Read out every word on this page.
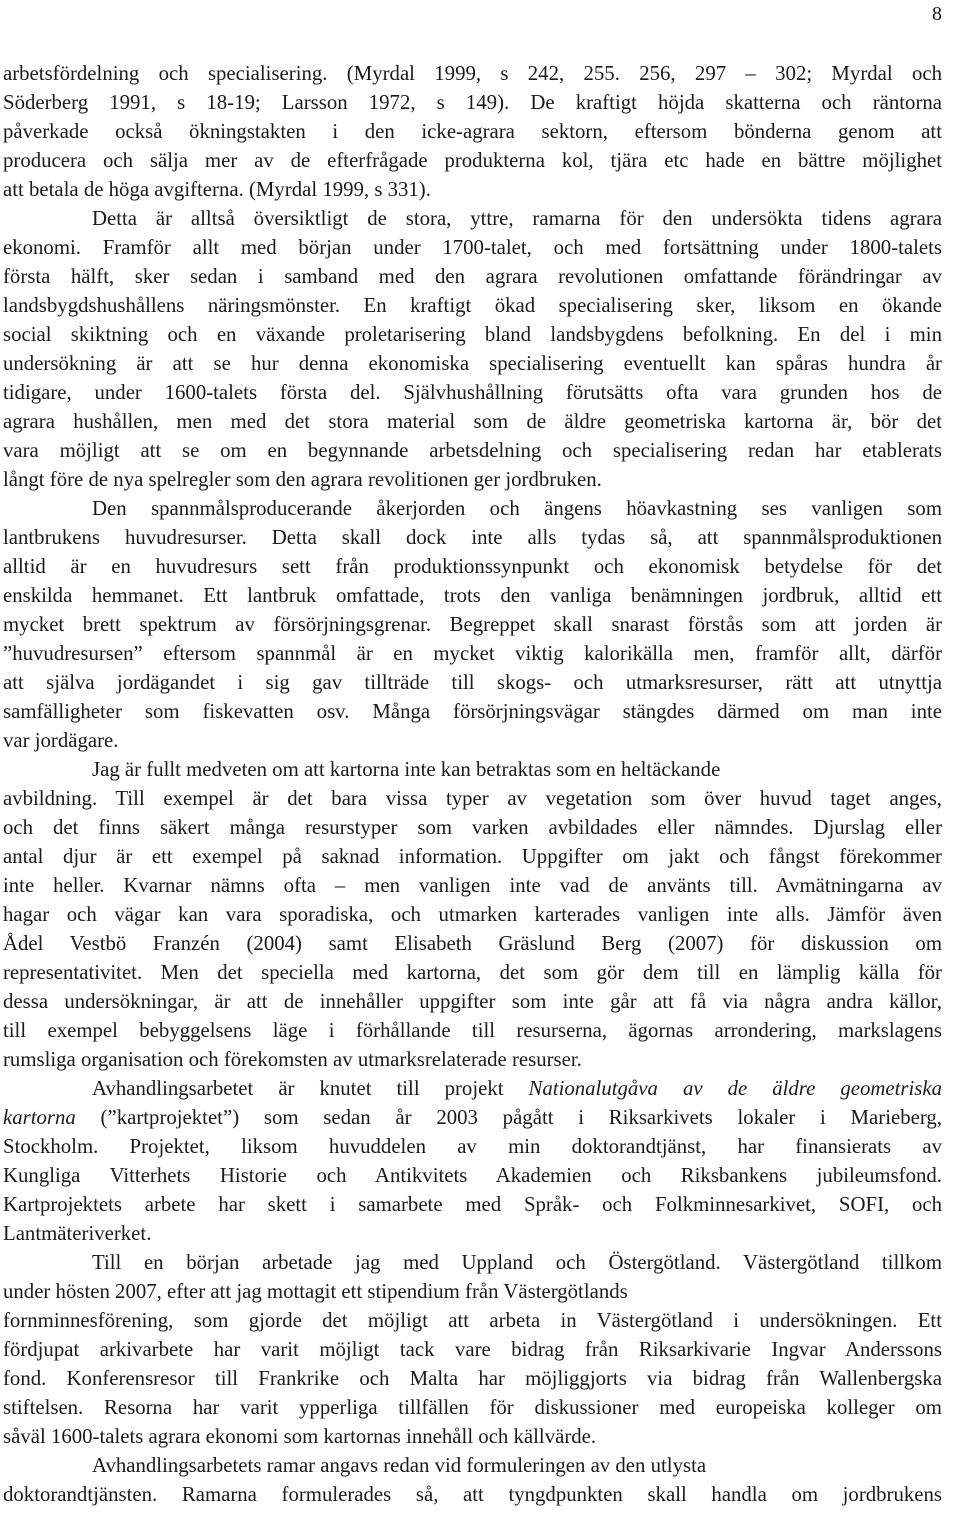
8
arbetsfördelning och specialisering. (Myrdal 1999, s 242, 255. 256, 297 – 302; Myrdal och
Söderberg 1991, s 18-19; Larsson 1972, s 149). De kraftigt höjda skatterna och räntorna
påverkade också ökningstakten i den icke-agrara sektorn, eftersom bönderna genom att
producera och sälja mer av de efterfrågade produkterna kol, tjära etc hade en bättre möjlighet
att betala de höga avgifterna. (Myrdal 1999, s 331).
Detta är alltså översiktligt de stora, yttre, ramarna för den undersökta tidens agrara
ekonomi. Framför allt med början under 1700-talet, och med fortsättning under 1800-talets
första hälft, sker sedan i samband med den agrara revolutionen omfattande förändringar av
landsbygdshushållens näringsmönster. En kraftigt ökad specialisering sker, liksom en ökande
social skiktning och en växande proletarisering bland landsbygdens befolkning. En del i min
undersökning är att se hur denna ekonomiska specialisering eventuellt kan spåras hundra år
tidigare, under 1600-talets första del. Självhushållning förutsätts ofta vara grunden hos de
agrara hushållen, men med det stora material som de äldre geometriska kartorna är, bör det
vara möjligt att se om en begynnande arbetsdelning och specialisering redan har etablerats
långt före de nya spelregler som den agrara revolitionen ger jordbruken.
Den spannmålsproducerande åkerjorden och ängens höavkastning ses vanligen som
lantbrukens huvudresurser. Detta skall dock inte alls tydas så, att spannmålsproduktionen
alltid är en huvudresurs sett från produktionssynpunkt och ekonomisk betydelse för det
enskilda hemmanet. Ett lantbruk omfattade, trots den vanliga benämningen jordbruk, alltid ett
mycket brett spektrum av försörjningsgrenar. Begreppet skall snarast förstås som att jorden är
”huvudresursen” eftersom spannmål är en mycket viktig kalorikälla men, framför allt, därför
att själva jordägandet i sig gav tillträde till skogs- och utmarksresurser, rätt att utnyttja
samfälligheter som fiskevatten osv. Många försörjningsvägar stängdes därmed om man inte
var jordägare.
Jag är fullt medveten om att kartorna inte kan betraktas som en heltäckande
avbildning. Till exempel är det bara vissa typer av vegetation som över huvud taget anges,
och det finns säkert många resurstyper som varken avbildades eller nämndes. Djurslag eller
antal djur är ett exempel på saknad information. Uppgifter om jakt och fångst förekommer
inte heller. Kvarnar nämns ofta – men vanligen inte vad de använts till. Avmätningarna av
hagar och vägar kan vara sporadiska, och utmarken karterades vanligen inte alls. Jämför även
Ådel Vestbö Franzén (2004) samt Elisabeth Gräslund Berg (2007) för diskussion om
representativitet. Men det speciella med kartorna, det som gör dem till en lämplig källa för
dessa undersökningar, är att de innehåller uppgifter som inte går att få via några andra källor,
till exempel bebyggelsens läge i förhållande till resurserna, ägornas arrondering, markslagens
rumsliga organisation och förekomsten av utmarksrelaterade resurser.
Avhandlingsarbetet är knutet till projekt Nationalutgåva av de äldre geometriska
kartorna (”kartprojektet”) som sedan år 2003 pågått i Riksarkivets lokaler i Marieberg,
Stockholm. Projektet, liksom huvuddelen av min doktorandtjänst, har finansierats av
Kungliga Vitterhets Historie och Antikvitets Akademien och Riksbankens jubileumsfond.
Kartprojektets arbete har skett i samarbete med Språk- och Folkminnesarkivet, SOFI, och
Lantmäteriverket.
Till en början arbetade jag med Uppland och Östergötland. Västergötland tillkom
under hösten 2007, efter att jag mottagit ett stipendium från Västergötlands
fornminnesförening, som gjorde det möjligt att arbeta in Västergötland i undersökningen. Ett
fördjupat arkivarbete har varit möjligt tack vare bidrag från Riksarkivarie Ingvar Anderssons
fond. Konferensresor till Frankrike och Malta har möjliggjorts via bidrag från Wallenbergska
stiftelsen. Resorna har varit ypperliga tillfällen för diskussioner med europeiska kolleger om
såväl 1600-talets agrara ekonomi som kartornas innehåll och källvärde.
Avhandlingsarbetets ramar angavs redan vid formuleringen av den utlysta
doktorandtjänsten. Ramarna formulerades så, att tyngdpunkten skall handla om jordbrukens
